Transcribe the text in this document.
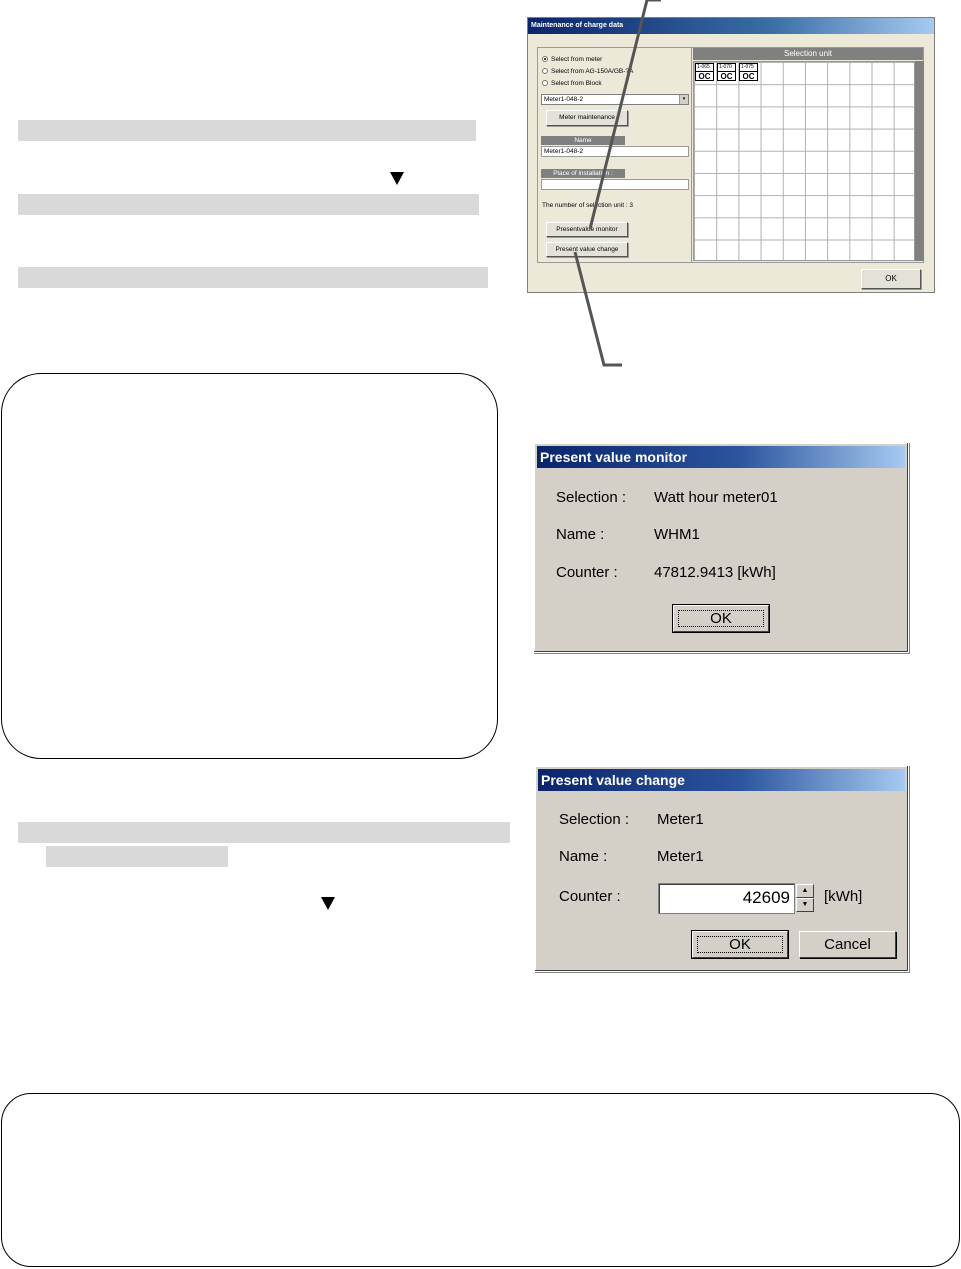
Maintenance of charge data
Select from meter
Select from AG-150A/GB-?A
Select from Block
Meter1-048-2	▾
Meter maintenance
Name
Meter1-048-2
Place of installation :
The number of selection unit : 3
Presentvalue monitor
Present value change
Selection unit
1-065
OC
1-070
OC
1-075
OC
OK
Present value monitor
Selection : Watt hour meter01
Name :	WHM1
Counter : 47812.9413 [kWh]
OK
Present value change
Selection : Meter1
Name :	Meter1
Counter :	42609	▲
▼	[kWh]
OK	Cancel
